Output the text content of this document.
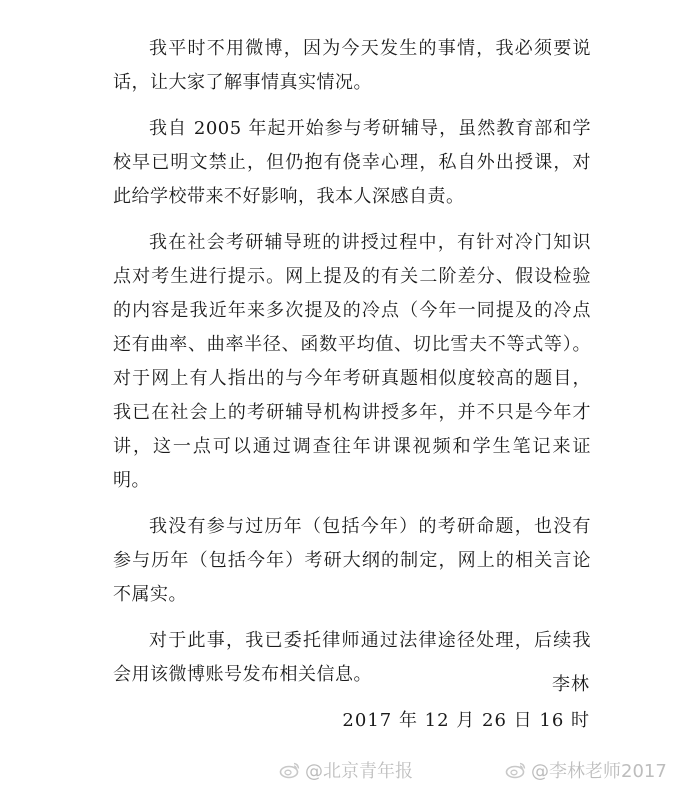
我平时不用微博，因为今天发生的事情，我必须要说话，让大家了解事情真实情况。

我自 2005 年起开始参与考研辅导，虽然教育部和学校早已明文禁止，但仍抱有侥幸心理，私自外出授课，对此给学校带来不好影响，我本人深感自责。

我在社会考研辅导班的讲授过程中，有针对冷门知识点对考生进行提示。网上提及的有关二阶差分、假设检验的内容是我近年来多次提及的冷点（今年一同提及的冷点还有曲率、曲率半径、函数平均值、切比雪夫不等式等）。对于网上有人指出的与今年考研真题相似度较高的题目，我已在社会上的考研辅导机构讲授多年，并不只是今年才讲，这一点可以通过调查往年讲课视频和学生笔记来证明。

我没有参与过历年（包括今年）的考研命题，也没有参与历年（包括今年）考研大纲的制定，网上的相关言论不属实。

对于此事，我已委托律师通过法律途径处理，后续我会用该微博账号发布相关信息。	李林
2017 年 12 月 26 日 16 时
@北京青年报	@李林老师2017
